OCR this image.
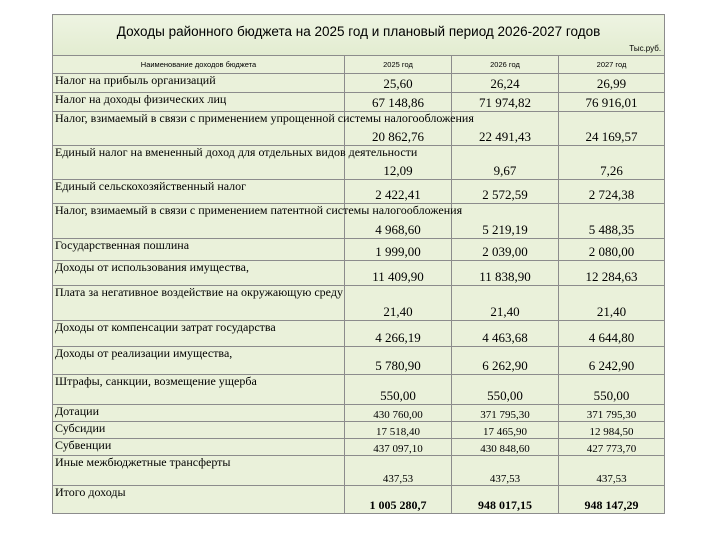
Доходы районного бюджета на 2025 год и плановый период 2026-2027 годов
Тыс.руб.			

Наименование доходов бюджета	2025 год	2026 год	2027 год
Налог на прибыль организаций	25,60	26,24	26,99
Налог на доходы физических лиц	67 148,86	71 974,82	76 916,01
Налог, взимаемый в связи с применением упрощенной системы налогообложения	20 862,76	22 491,43	24 169,57
Единый налог на вмененный доход для отдельных видов деятельности	12,09	9,67	7,26
Единый сельскохозяйственный налог	2 422,41	2 572,59	2 724,38
Налог, взимаемый в связи с применением патентной системы налогообложения	4 968,60	5 219,19	5 488,35
Государственная пошлина	1 999,00	2 039,00	2 080,00
Доходы от использования имущества,	11 409,90	11 838,90	12 284,63
Плата за негативное воздействие на окружающую среду	21,40	21,40	21,40
Доходы от компенсации затрат государства	4 266,19	4 463,68	4 644,80
Доходы от реализации имущества,	5 780,90	6 262,90	6 242,90
Штрафы, санкции, возмещение ущерба	550,00	550,00	550,00
Дотации	430 760,00	371 795,30	371 795,30
Субсидии	17 518,40	17 465,90	12 984,50
Субвенции	437 097,10	430 848,60	427 773,70
Иные межбюджетные трансферты	437,53	437,53	437,53
Итого доходы	1 005 280,7	948 017,15	948 147,29
